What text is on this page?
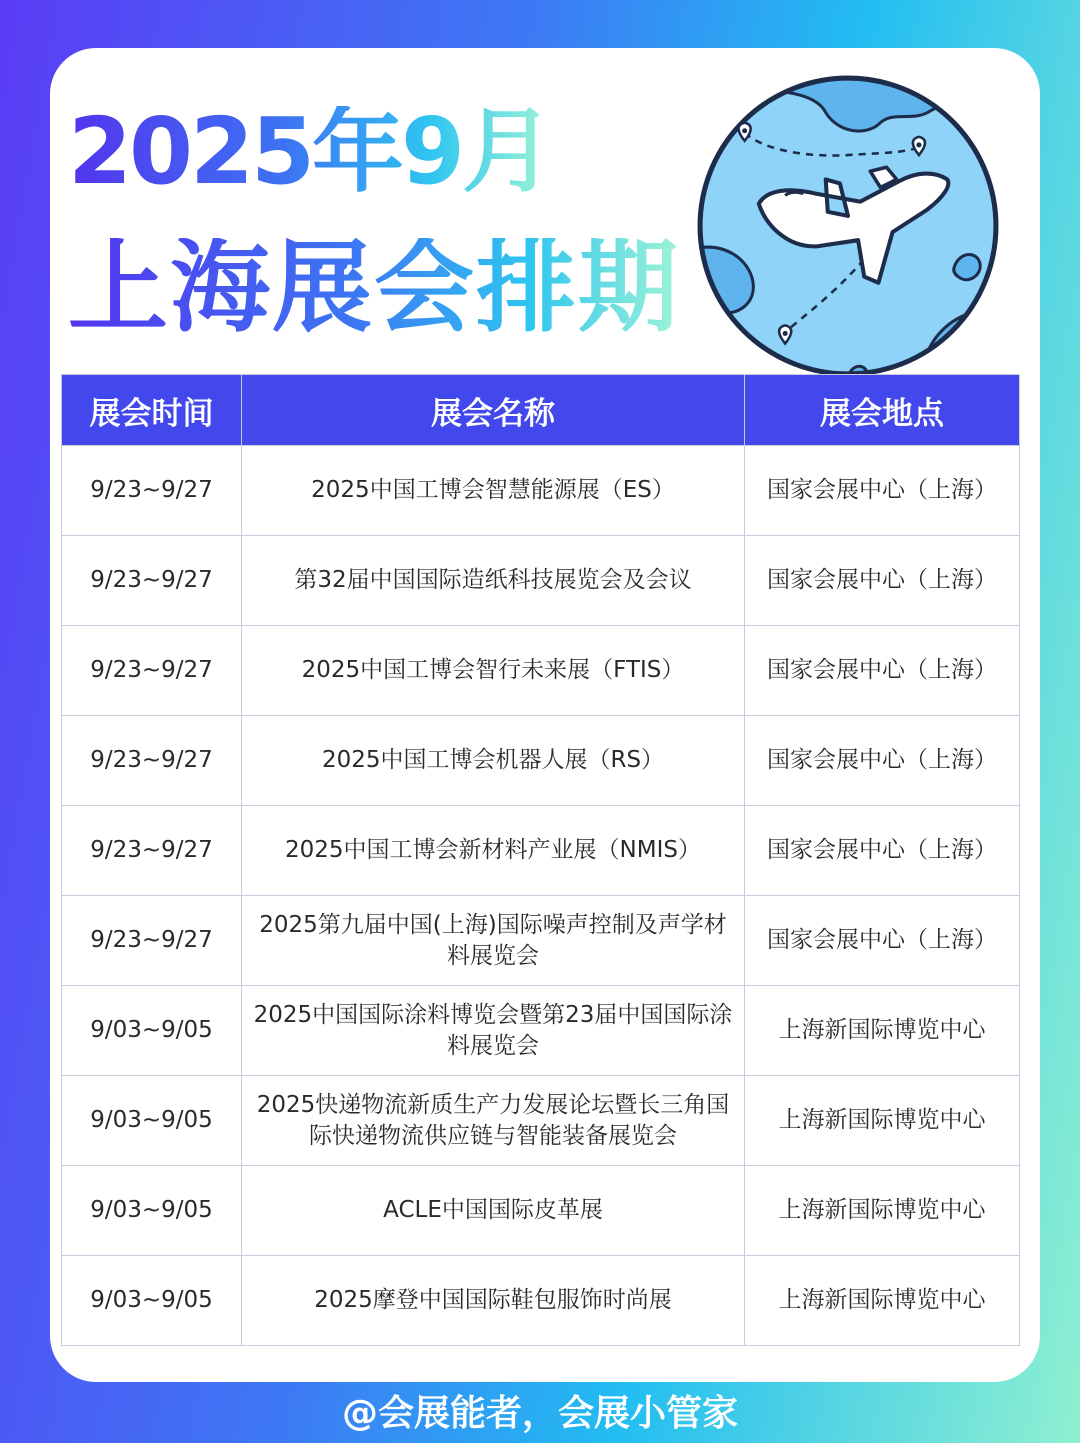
2025年9月
上海展会排期
展会时间	展会名称	展会地点
9/23~9/27	2025中国工博会智慧能源展（ES）	国家会展中心（上海）
9/23~9/27	第32届中国国际造纸科技展览会及会议	国家会展中心（上海）
9/23~9/27	2025中国工博会智行未来展（FTIS）	国家会展中心（上海）
9/23~9/27	2025中国工博会机器人展（RS）	国家会展中心（上海）
9/23~9/27	2025中国工博会新材料产业展（NMIS）	国家会展中心（上海）
9/23~9/27	2025第九届中国(上海)国际噪声控制及声学材料展览会	国家会展中心（上海）
9/03~9/05	2025中国国际涂料博览会暨第23届中国国际涂料展览会	上海新国际博览中心
9/03~9/05	2025快递物流新质生产力发展论坛暨长三角国际快递物流供应链与智能装备展览会	上海新国际博览中心
9/03~9/05	ACLE中国国际皮革展	上海新国际博览中心
9/03~9/05	2025摩登中国国际鞋包服饰时尚展	上海新国际博览中心
@会展能者，会展小管家
